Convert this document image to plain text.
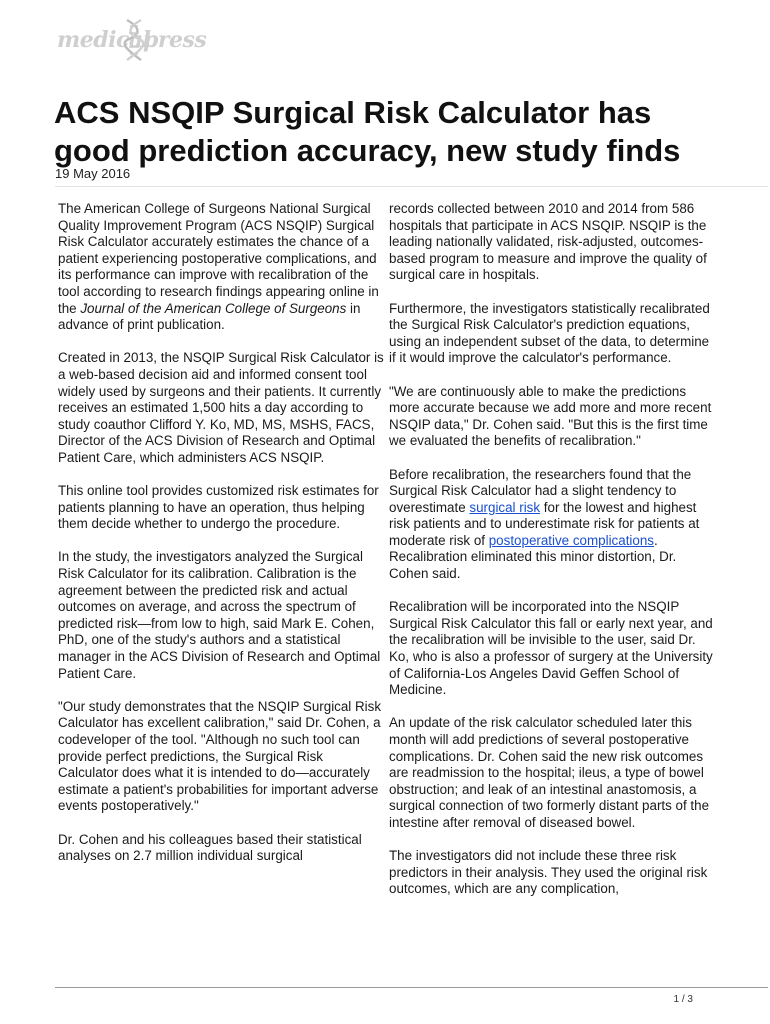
medical
press
ACS NSQIP Surgical Risk Calculator has good prediction accuracy, new study finds
19 May 2016

The American College of Surgeons National Surgical Quality Improvement Program (ACS NSQIP) Surgical Risk Calculator accurately estimates the chance of a patient experiencing postoperative complications, and its performance can improve with recalibration of the tool according to research findings appearing online in the Journal of the American College of Surgeons in advance of print publication.

Created in 2013, the NSQIP Surgical Risk Calculator is a web-based decision aid and informed consent tool widely used by surgeons and their patients. It currently receives an estimated 1,500 hits a day according to study coauthor Clifford Y. Ko, MD, MS, MSHS, FACS, Director of the ACS Division of Research and Optimal Patient Care, which administers ACS NSQIP.

This online tool provides customized risk estimates for patients planning to have an operation, thus helping them decide whether to undergo the procedure.

In the study, the investigators analyzed the Surgical Risk Calculator for its calibration. Calibration is the agreement between the predicted risk and actual outcomes on average, and across the spectrum of predicted risk—from low to high, said Mark E. Cohen, PhD, one of the study's authors and a statistical manager in the ACS Division of Research and Optimal Patient Care.

"Our study demonstrates that the NSQIP Surgical Risk Calculator has excellent calibration," said Dr. Cohen, a codeveloper of the tool. "Although no such tool can provide perfect predictions, the Surgical Risk Calculator does what it is intended to do—accurately estimate a patient's probabilities for important adverse events postoperatively."

Dr. Cohen and his colleagues based their statistical analyses on 2.7 million individual surgical

records collected between 2010 and 2014 from 586 hospitals that participate in ACS NSQIP. NSQIP is the leading nationally validated, risk-adjusted, outcomes-based program to measure and improve the quality of surgical care in hospitals.

Furthermore, the investigators statistically recalibrated the Surgical Risk Calculator's prediction equations, using an independent subset of the data, to determine if it would improve the calculator's performance.

"We are continuously able to make the predictions more accurate because we add more and more recent NSQIP data," Dr. Cohen said. "But this is the first time we evaluated the benefits of recalibration."

Before recalibration, the researchers found that the Surgical Risk Calculator had a slight tendency to overestimate surgical risk for the lowest and highest risk patients and to underestimate risk for patients at moderate risk of postoperative complications. Recalibration eliminated this minor distortion, Dr. Cohen said.

Recalibration will be incorporated into the NSQIP Surgical Risk Calculator this fall or early next year, and the recalibration will be invisible to the user, said Dr. Ko, who is also a professor of surgery at the University of California-Los Angeles David Geffen School of Medicine.

An update of the risk calculator scheduled later this month will add predictions of several postoperative complications. Dr. Cohen said the new risk outcomes are readmission to the hospital; ileus, a type of bowel obstruction; and leak of an intestinal anastomosis, a surgical connection of two formerly distant parts of the intestine after removal of diseased bowel.

The investigators did not include these three risk predictors in their analysis. They used the original risk outcomes, which are any complication,

1 / 3
